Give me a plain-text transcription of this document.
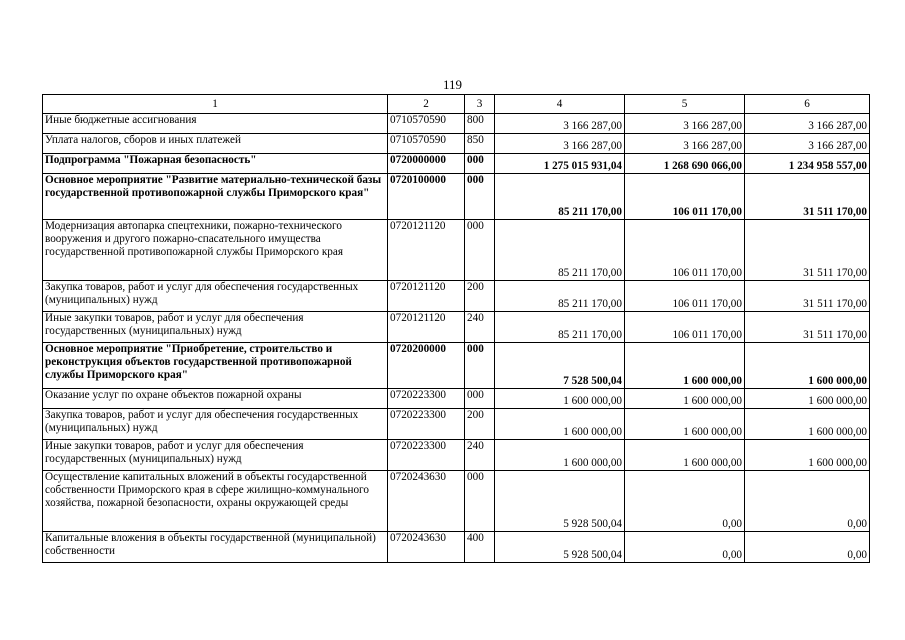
119
1	2	3	4	5	6
Иные бюджетные ассигнования	0710570590	800	3 166 287,00	3 166 287,00	3 166 287,00
Уплата налогов, сборов и иных платежей	0710570590	850	3 166 287,00	3 166 287,00	3 166 287,00
Подпрограмма "Пожарная безопасность"	0720000000	000	1 275 015 931,04	1 268 690 066,00	1 234 958 557,00
Основное мероприятие "Развитие материально-технической базы государственной противопожарной службы Приморского края"	0720100000	000	85 211 170,00	106 011 170,00	31 511 170,00
Модернизация автопарка спецтехники, пожарно-технического вооружения и другого пожарно-спасательного имущества государственной противопожарной службы Приморского края	0720121120	000	85 211 170,00	106 011 170,00	31 511 170,00
Закупка товаров, работ и услуг для обеспечения государственных (муниципальных) нужд	0720121120	200	85 211 170,00	106 011 170,00	31 511 170,00
Иные закупки товаров, работ и услуг для обеспечения государственных (муниципальных) нужд	0720121120	240	85 211 170,00	106 011 170,00	31 511 170,00
Основное мероприятие "Приобретение, строительство и реконструкция объектов государственной противопожарной службы Приморского края"	0720200000	000	7 528 500,04	1 600 000,00	1 600 000,00
Оказание услуг по охране объектов пожарной охраны	0720223300	000	1 600 000,00	1 600 000,00	1 600 000,00
Закупка товаров, работ и услуг для обеспечения государственных (муниципальных) нужд	0720223300	200	1 600 000,00	1 600 000,00	1 600 000,00
Иные закупки товаров, работ и услуг для обеспечения государственных (муниципальных) нужд	0720223300	240	1 600 000,00	1 600 000,00	1 600 000,00
Осуществление капитальных вложений в объекты государственной собственности Приморского края в сфере жилищно-коммунального хозяйства, пожарной безопасности, охраны окружающей среды	0720243630	000	5 928 500,04	0,00	0,00
Капитальные вложения в объекты государственной (муниципальной) собственности	0720243630	400	5 928 500,04	0,00	0,00
